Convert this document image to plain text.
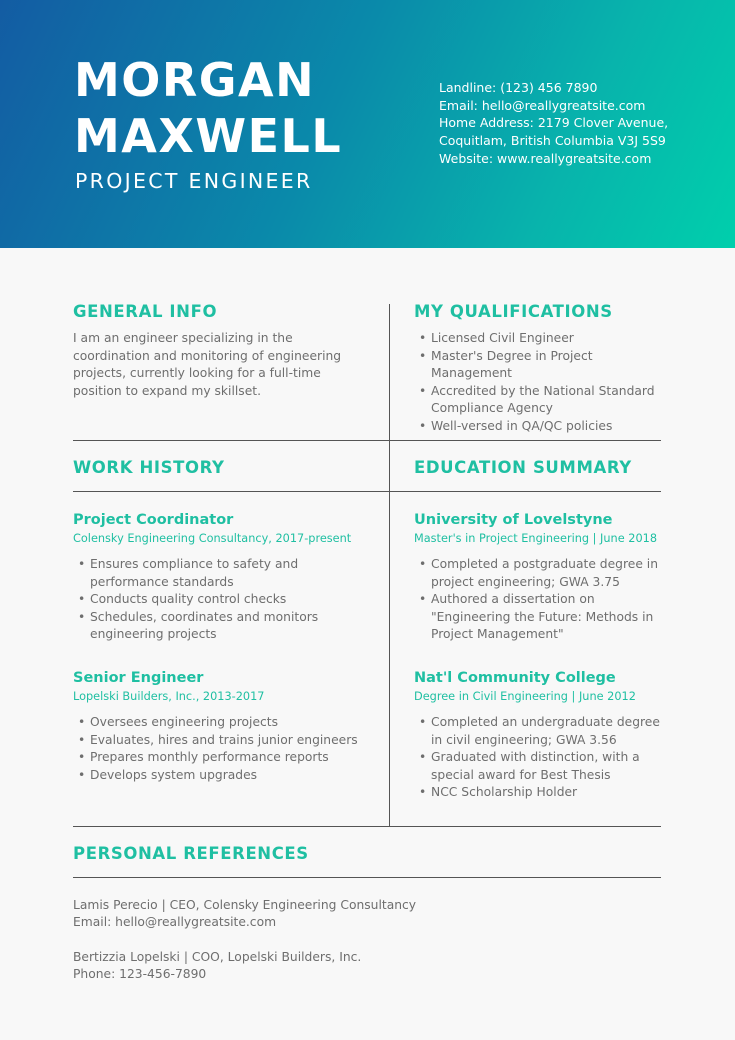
MORGAN
MAXWELL
PROJECT ENGINEER
Landline: (123) 456 7890
Email: hello@reallygreatsite.com
Home Address: 2179 Clover Avenue,
Coquitlam, British Columbia V3J 5S9
Website: www.reallygreatsite.com
GENERAL INFO
I am an engineer specializing in the coordination and monitoring of engineering projects, currently looking for a full-time position to expand my skillset.
MY QUALIFICATIONS
• Licensed Civil Engineer
• Master's Degree in Project Management
• Accredited by the National Standard Compliance Agency
• Well-versed in QA/QC policies
WORK HISTORY
Project Coordinator
Colensky Engineering Consultancy, 2017-present
• Ensures compliance to safety and performance standards
• Conducts quality control checks
• Schedules, coordinates and monitors engineering projects
Senior Engineer
Lopelski Builders, Inc., 2013-2017
• Oversees engineering projects
• Evaluates, hires and trains junior engineers
• Prepares monthly performance reports
• Develops system upgrades
EDUCATION SUMMARY
University of Lovelstyne
Master's in Project Engineering | June 2018
• Completed a postgraduate degree in project engineering; GWA 3.75
• Authored a dissertation on "Engineering the Future: Methods in Project Management"
Nat'l Community College
Degree in Civil Engineering | June 2012
• Completed an undergraduate degree in civil engineering; GWA 3.56
• Graduated with distinction, with a special award for Best Thesis
• NCC Scholarship Holder
PERSONAL REFERENCES
Lamis Perecio | CEO, Colensky Engineering Consultancy
Email: hello@reallygreatsite.com
Bertizzia Lopelski | COO, Lopelski Builders, Inc.
Phone: 123-456-7890
